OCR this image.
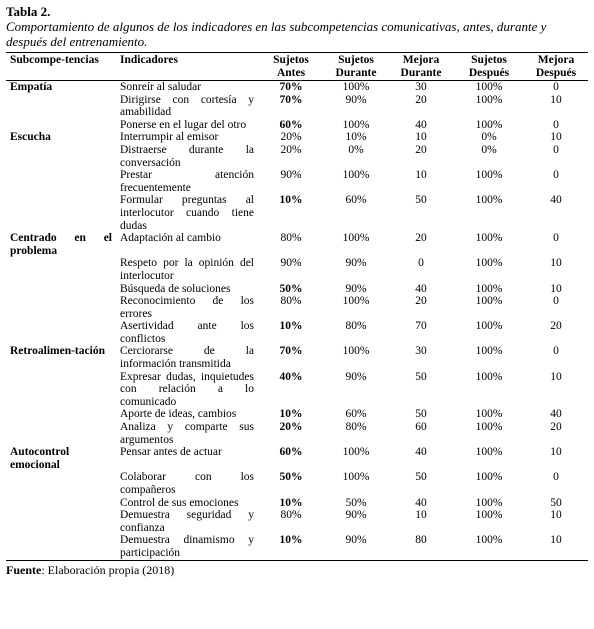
Tabla 2.
Comportamiento de algunos de los indicadores en las subcompetencias comunicativas, antes, durante y después del entrenamiento.
Subcompe-tencias	Indicadores	Sujetos Antes	Sujetos Durante	Mejora Durante	Sujetos Después	Mejora Después
Empatía	Sonreír al saludar	70%	100%	30	100%	0
	Dirigirse con cortesía y amabilidad	70%	90%	20	100%	10
	Ponerse en el lugar del otro	60%	100%	40	100%	0
Escucha	Interrumpir al emisor	20%	10%	10	0%	10
	Distraerse durante la conversación	20%	0%	20	0%	0
	Prestar atención frecuentemente	90%	100%	10	100%	0
	Formular preguntas al interlocutor cuando tiene dudas	10%	60%	50	100%	40
Centrado en el problema	Adaptación al cambio	80%	100%	20	100%	0
	Respeto por la opinión del interlocutor	90%	90%	0	100%	10
	Búsqueda de soluciones	50%	90%	40	100%	10
	Reconocimiento de los errores	80%	100%	20	100%	0
	Asertividad ante los conflictos	10%	80%	70	100%	20
Retroalimen-tación	Cerciorarse de la información transmitida	70%	100%	30	100%	0
	Expresar dudas, inquietudes con relación a lo comunicado	40%	90%	50	100%	10
	Aporte de ideas, cambios	10%	60%	50	100%	40
	Analiza y comparte sus argumentos	20%	80%	60	100%	20
Autocontrol emocional	Pensar antes de actuar	60%	100%	40	100%	10
	Colaborar con los compañeros	50%	100%	50	100%	0
	Control de sus emociones	10%	50%	40	100%	50
	Demuestra seguridad y confianza	80%	90%	10	100%	10
	Demuestra dinamismo y participación	10%	90%	80	100%	10
Fuente: Elaboración propia (2018)
